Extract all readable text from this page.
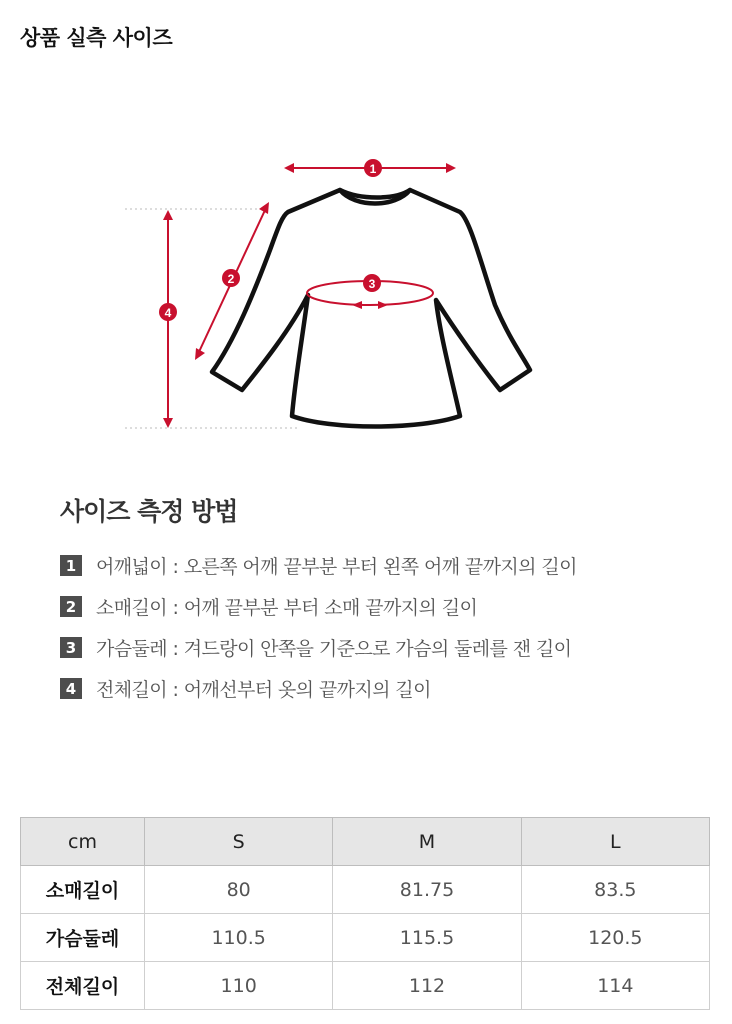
상품 실측 사이즈
1
2	3
4
사이즈 측정 방법
1	어깨넓이 : 오른쪽 어깨 끝부분 부터 왼쪽 어깨 끝까지의 길이
2	소매길이 : 어깨 끝부분 부터 소매 끝까지의 길이
3	가슴둘레 : 겨드랑이 안쪽을 기준으로 가슴의 둘레를 잰 길이
4	전체길이 : 어깨선부터 옷의 끝까지의 길이
cm	S	M	L
소매길이	80	81.75	83.5
가슴둘레	110.5	115.5	120.5
전체길이	110	112	114
